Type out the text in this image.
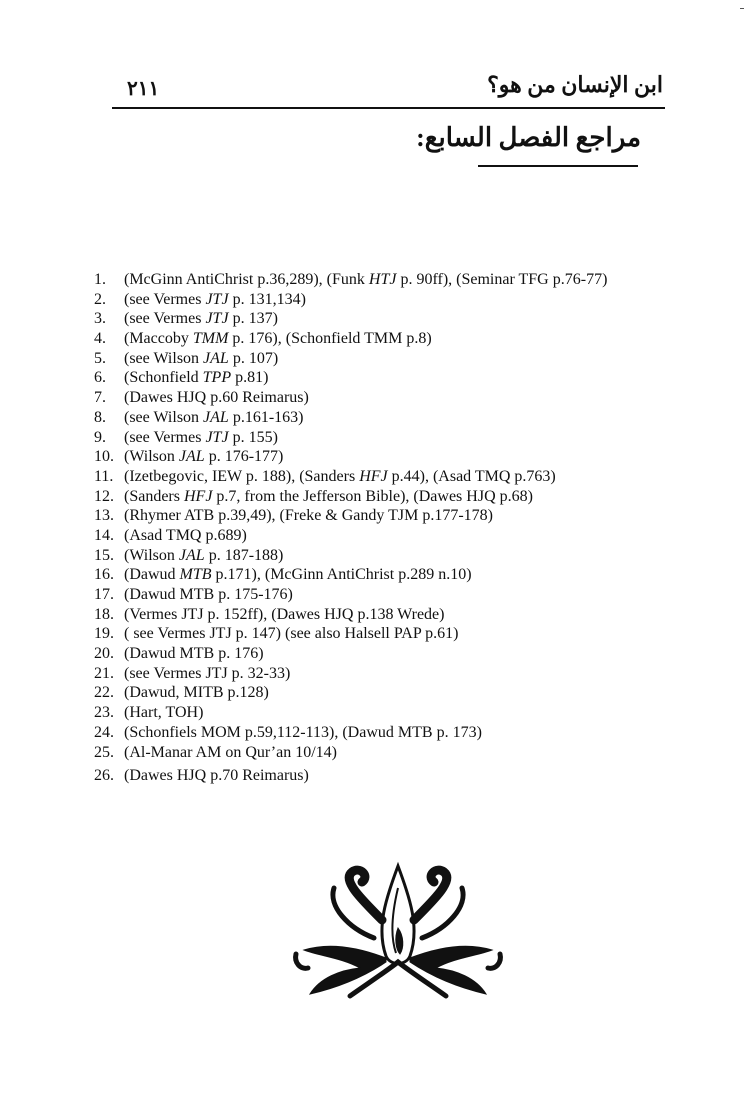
٢١١	ابن الإنسان من هو؟
مراجع الفصل السابع:
1. (McGinn AntiChrist p.36,289), (Funk HTJ p. 90ff), (Seminar TFG p.76-77)
2. (see Vermes JTJ p. 131,134)
3. (see Vermes JTJ p. 137)
4. (Maccoby TMM p. 176), (Schonfield TMM p.8)
5. (see Wilson JAL p. 107)
6. (Schonfield TPP p.81)
7. (Dawes HJQ p.60 Reimarus)
8. (see Wilson JAL p.161-163)
9. (see Vermes JTJ p. 155)
10. (Wilson JAL p. 176-177)
11. (Izetbegovic, IEW p. 188), (Sanders HFJ p.44), (Asad TMQ p.763)
12. (Sanders HFJ p.7, from the Jefferson Bible), (Dawes HJQ p.68)
13. (Rhymer ATB p.39,49), (Freke & Gandy TJM p.177-178)
14. (Asad TMQ p.689)
15. (Wilson JAL p. 187-188)
16. (Dawud MTB p.171), (McGinn AntiChrist p.289 n.10)
17. (Dawud MTB p. 175-176)
18. (Vermes JTJ p. 152ff), (Dawes HJQ p.138 Wrede)
19. ( see Vermes JTJ p. 147) (see also Halsell PAP p.61)
20. (Dawud MTB p. 176)
21. (see Vermes JTJ p. 32-33)
22. (Dawud, MITB p.128)
23. (Hart, TOH)
24. (Schonfiels MOM p.59,112-113), (Dawud MTB p. 173)
25. (Al-Manar AM on Qur’an 10/14)
26. (Dawes HJQ p.70 Reimarus)
